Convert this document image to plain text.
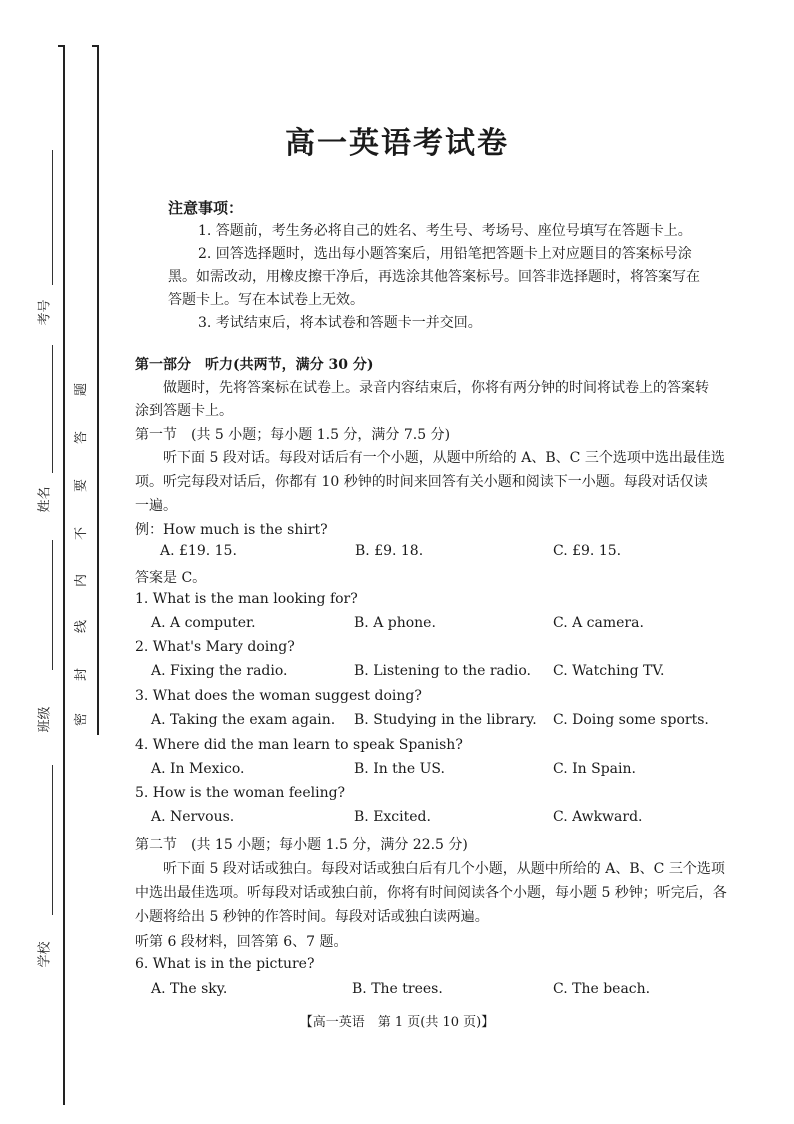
考号
姓名
班级
学校
题
答
要
不
内
线
封
密
高一英语考试卷
注意事项：
1. 答题前，考生务必将自己的姓名、考生号、考场号、座位号填写在答题卡上。
2. 回答选择题时，选出每小题答案后，用铅笔把答题卡上对应题目的答案标号涂
黑。如需改动，用橡皮擦干净后，再选涂其他答案标号。回答非选择题时，将答案写在
答题卡上。写在本试卷上无效。
3. 考试结束后，将本试卷和答题卡一并交回。
第一部分　听力(共两节，满分 30 分)
做题时，先将答案标在试卷上。录音内容结束后，你将有两分钟的时间将试卷上的答案转
涂到答题卡上。
第一节　(共 5 小题；每小题 1.5 分，满分 7.5 分)
听下面 5 段对话。每段对话后有一个小题，从题中所给的 A、B、C 三个选项中选出最佳选
项。听完每段对话后，你都有 10 秒钟的时间来回答有关小题和阅读下一小题。每段对话仅读
一遍。
例：How much is the shirt?
A. £19. 15.	B. £9. 18.	C. £9. 15.
答案是 C。
1. What is the man looking for?
A. A computer.	B. A phone.	C. A camera.
2. What's Mary doing?
A. Fixing the radio.	B. Listening to the radio. C. Watching TV.
3. What does the woman suggest doing?
A. Taking the exam again. B. Studying in the library. C. Doing some sports.
4. Where did the man learn to speak Spanish?
A. In Mexico.	B. In the US.	C. In Spain.
5. How is the woman feeling?
A. Nervous.	B. Excited.	C. Awkward.
第二节　(共 15 小题；每小题 1.5 分，满分 22.5 分)
听下面 5 段对话或独白。每段对话或独白后有几个小题，从题中所给的 A、B、C 三个选项
中选出最佳选项。听每段对话或独白前，你将有时间阅读各个小题，每小题 5 秒钟；听完后，各
小题将给出 5 秒钟的作答时间。每段对话或独白读两遍。
听第 6 段材料，回答第 6、7 题。
6. What is in the picture?
A. The sky.	B. The trees.	C. The beach.
【高一英语　第 1 页(共 10 页)】
